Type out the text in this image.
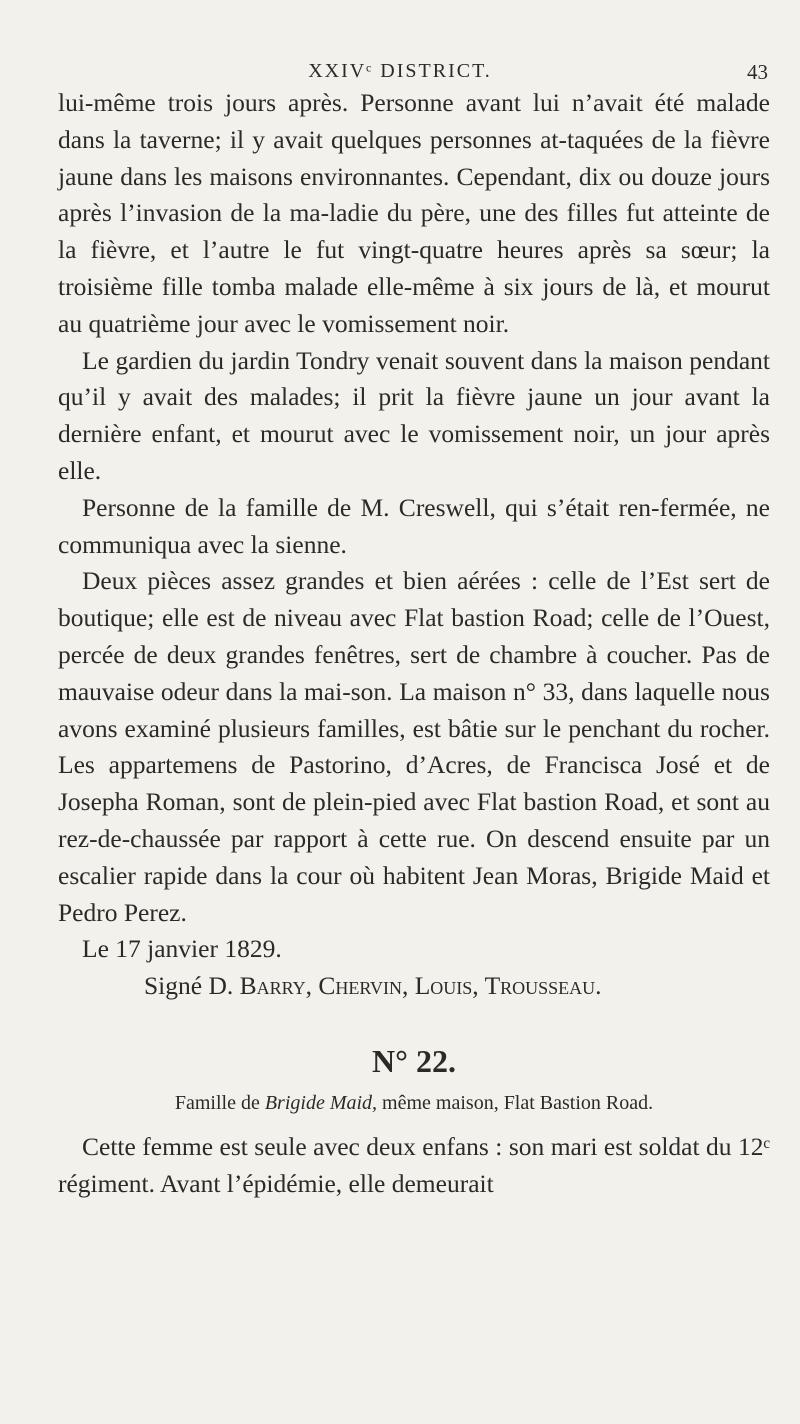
XXIVᶜ DISTRICT.	43

lui-même trois jours après. Personne avant lui n’avait été malade dans la taverne; il y avait quelques personnes at-taquées de la fièvre jaune dans les maisons environnantes. Cependant, dix ou douze jours après l’invasion de la ma-ladie du père, une des filles fut atteinte de la fièvre, et l’autre le fut vingt-quatre heures après sa sœur; la troisième fille tomba malade elle-même à six jours de là, et mourut au quatrième jour avec le vomissement noir.

Le gardien du jardin Tondry venait souvent dans la maison pendant qu’il y avait des malades; il prit la fièvre jaune un jour avant la dernière enfant, et mourut avec le vomissement noir, un jour après elle.

Personne de la famille de M. Creswell, qui s’était ren-fermée, ne communiqua avec la sienne.

Deux pièces assez grandes et bien aérées : celle de l’Est sert de boutique; elle est de niveau avec Flat bastion Road; celle de l’Ouest, percée de deux grandes fenêtres, sert de chambre à coucher. Pas de mauvaise odeur dans la mai-son. La maison n° 33, dans laquelle nous avons examiné plusieurs familles, est bâtie sur le penchant du rocher. Les appartemens de Pastorino, d’Acres, de Francisca José et de Josepha Roman, sont de plein-pied avec Flat bastion Road, et sont au rez-de-chaussée par rapport à cette rue. On descend ensuite par un escalier rapide dans la cour où habitent Jean Moras, Brigide Maid et Pedro Perez.

Le 17 janvier 1829.

Signé D. Barry, Chervin, Louis, Trousseau.

N° 22.
Famille de Brigide Maid, même maison, Flat Bastion Road.

Cette femme est seule avec deux enfans : son mari est soldat du 12ᶜ régiment. Avant l’épidémie, elle demeurait
